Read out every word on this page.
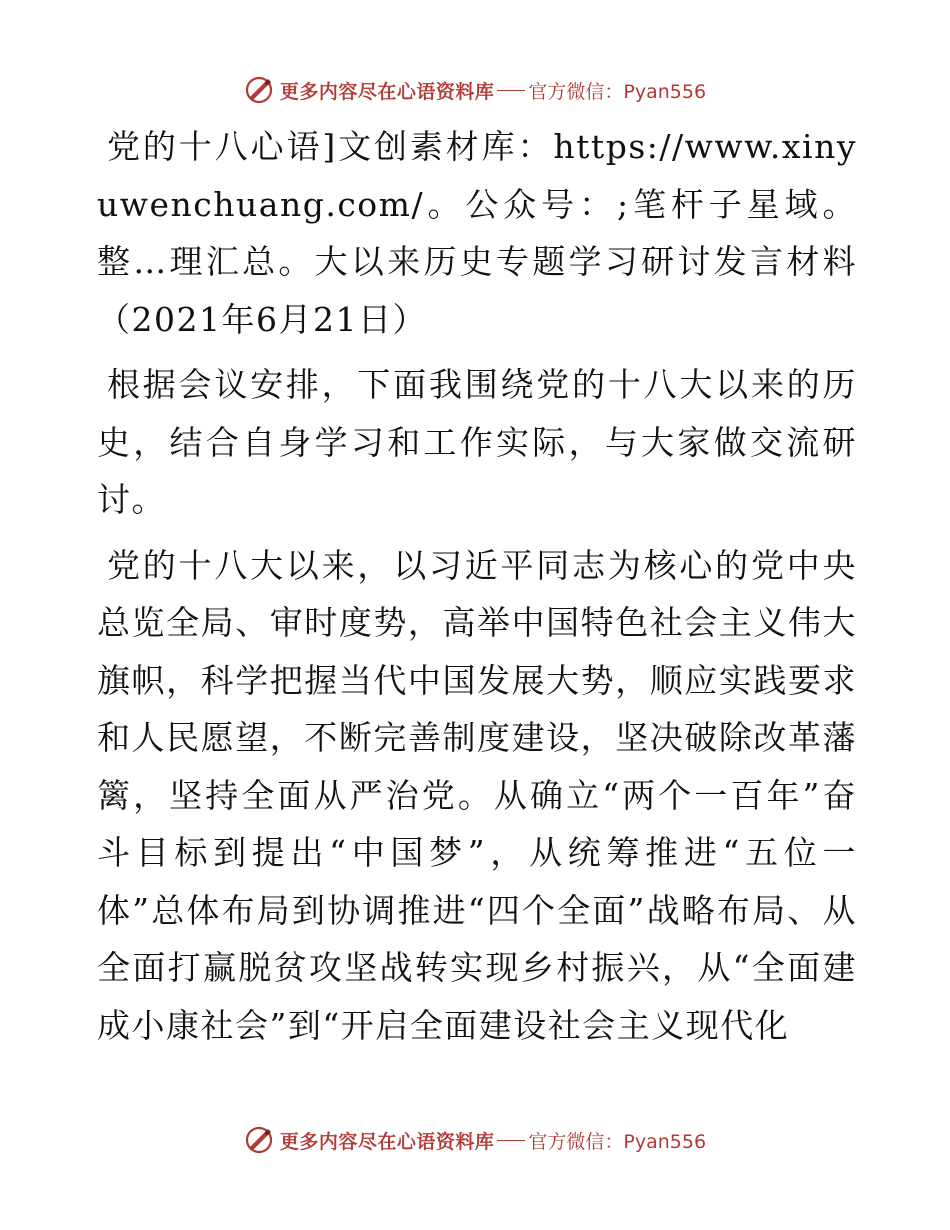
更多内容尽在心语资料库 官方微信：Pyan556

党的十八心语]文创素材库：https://www.xinyuwenchuang.com/。公众号：;笔杆子星域。整…理汇总。大以来历史专题学习研讨发言材料（2021年6月21日）

根据会议安排，下面我围绕党的十八大以来的历史，结合自身学习和工作实际，与大家做交流研讨。

党的十八大以来，以习近平同志为核心的党中央总览全局、审时度势，高举中国特色社会主义伟大旗帜，科学把握当代中国发展大势，顺应实践要求和人民愿望，不断完善制度建设，坚决破除改革藩篱，坚持全面从严治党。从确立“两个一百年”奋斗目标到提出“中国梦”，从统筹推进“五位一体”总体布局到协调推进“四个全面”战略布局、从全面打赢脱贫攻坚战转实现乡村振兴，从“全面建成小康社会”到“开启全面建设社会主义现代化

更多内容尽在心语资料库 官方微信：Pyan556
